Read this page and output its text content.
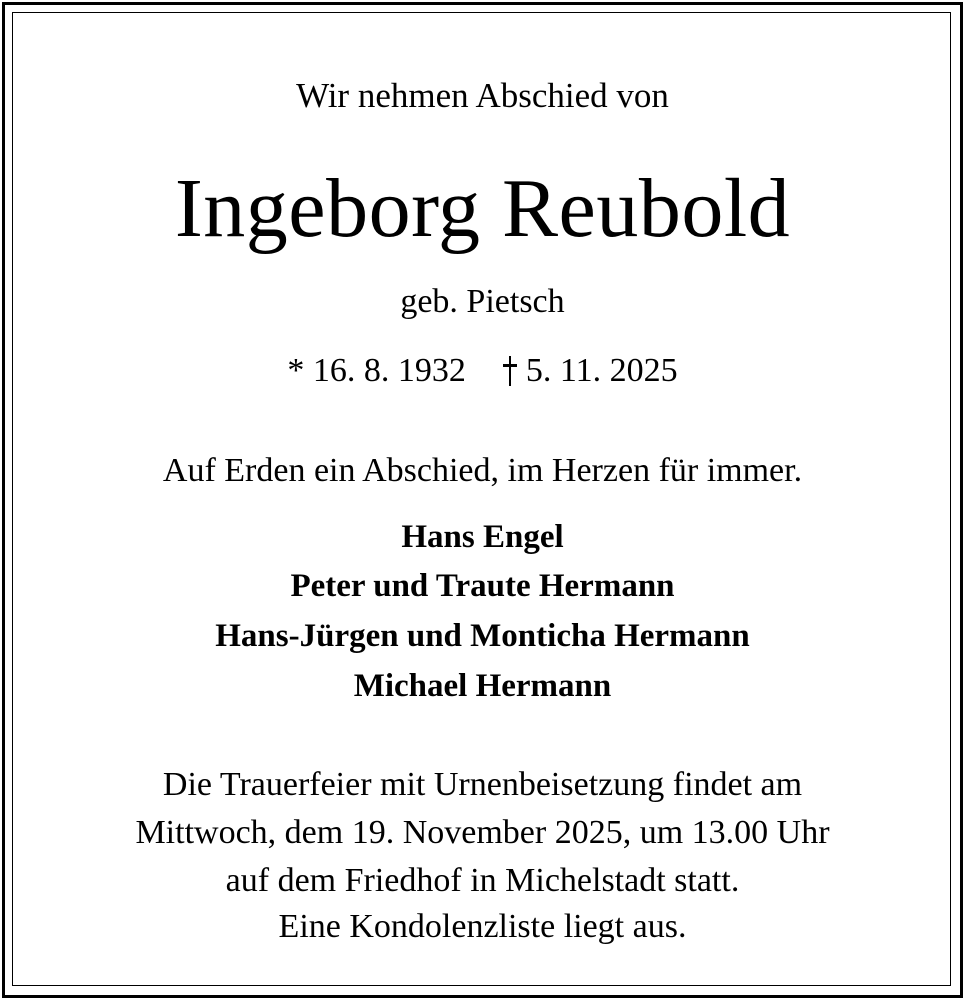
Wir nehmen Abschied von
Ingeborg Reubold
geb. Pietsch
* 16. 8. 1932 5. 11. 2025
Auf Erden ein Abschied, im Herzen für immer.
Hans Engel
Peter und Traute Hermann
Hans-Jürgen und Monticha Hermann
Michael Hermann
Die Trauerfeier mit Urnenbeisetzung findet am
Mittwoch, dem 19. November 2025, um 13.00 Uhr
auf dem Friedhof in Michelstadt statt.
Eine Kondolenzliste liegt aus.
